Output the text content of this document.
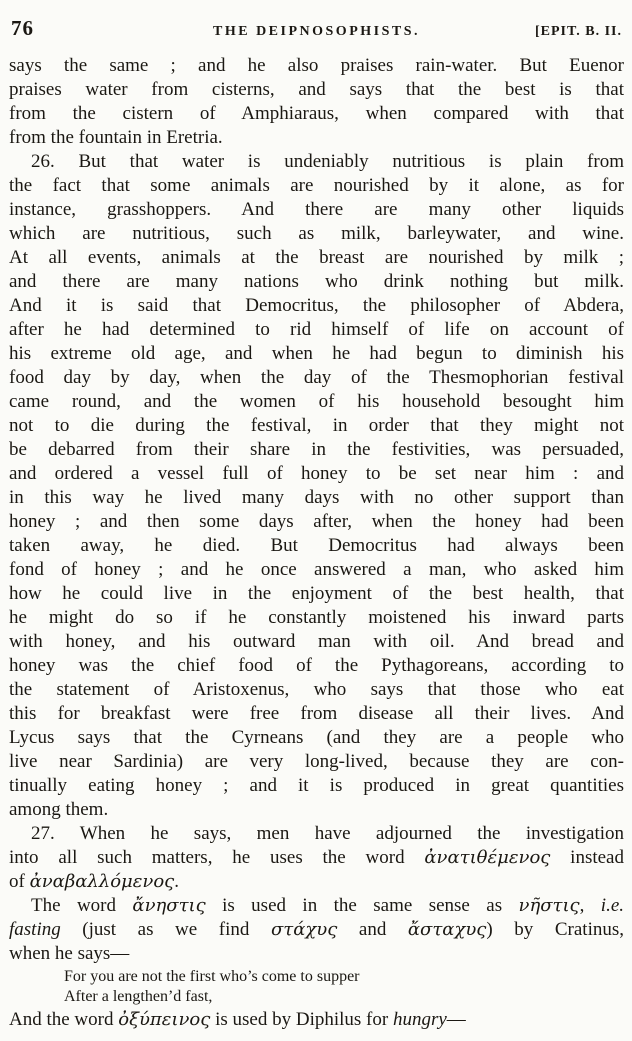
76	THE DEIPNOSOPHISTS.	[EPIT. B. II.
says the same ; and he also praises rain-water. But Euenor
praises water from cisterns, and says that the best is that
from the cistern of Amphiaraus, when compared with that
from the fountain in Eretria.
26. But that water is undeniably nutritious is plain from
the fact that some animals are nourished by it alone, as for
instance, grasshoppers. And there are many other liquids
which are nutritious, such as milk, barleywater, and wine.
At all events, animals at the breast are nourished by milk ;
and there are many nations who drink nothing but milk.
And it is said that Democritus, the philosopher of Abdera,
after he had determined to rid himself of life on account of
his extreme old age, and when he had begun to diminish his
food day by day, when the day of the Thesmophorian festival
came round, and the women of his household besought him
not to die during the festival, in order that they might not
be debarred from their share in the festivities, was persuaded,
and ordered a vessel full of honey to be set near him : and
in this way he lived many days with no other support than
honey ; and then some days after, when the honey had been
taken away, he died. But Democritus had always been
fond of honey ; and he once answered a man, who asked him
how he could live in the enjoyment of the best health, that
he might do so if he constantly moistened his inward parts
with honey, and his outward man with oil. And bread and
honey was the chief food of the Pythagoreans, according to
the statement of Aristoxenus, who says that those who eat
this for breakfast were free from disease all their lives. And
Lycus says that the Cyrneans (and they are a people who
live near Sardinia) are very long-lived, because they are con-
tinually eating honey ; and it is produced in great quantities
among them.
27. When he says, men have adjourned the investigation
into all such matters, he uses the word ἀνατιθέμενος instead
of ἀναβαλλόμενος.
The word ἄνηστις is used in the same sense as νῆστις, i.e.
fasting (just as we find στάχυς and ἄσταχυς) by Cratinus,
when he says—
For you are not the first who’s come to supper
After a lengthen’d fast,
And the word ὀξύπεινος is used by Diphilus for hungry—
